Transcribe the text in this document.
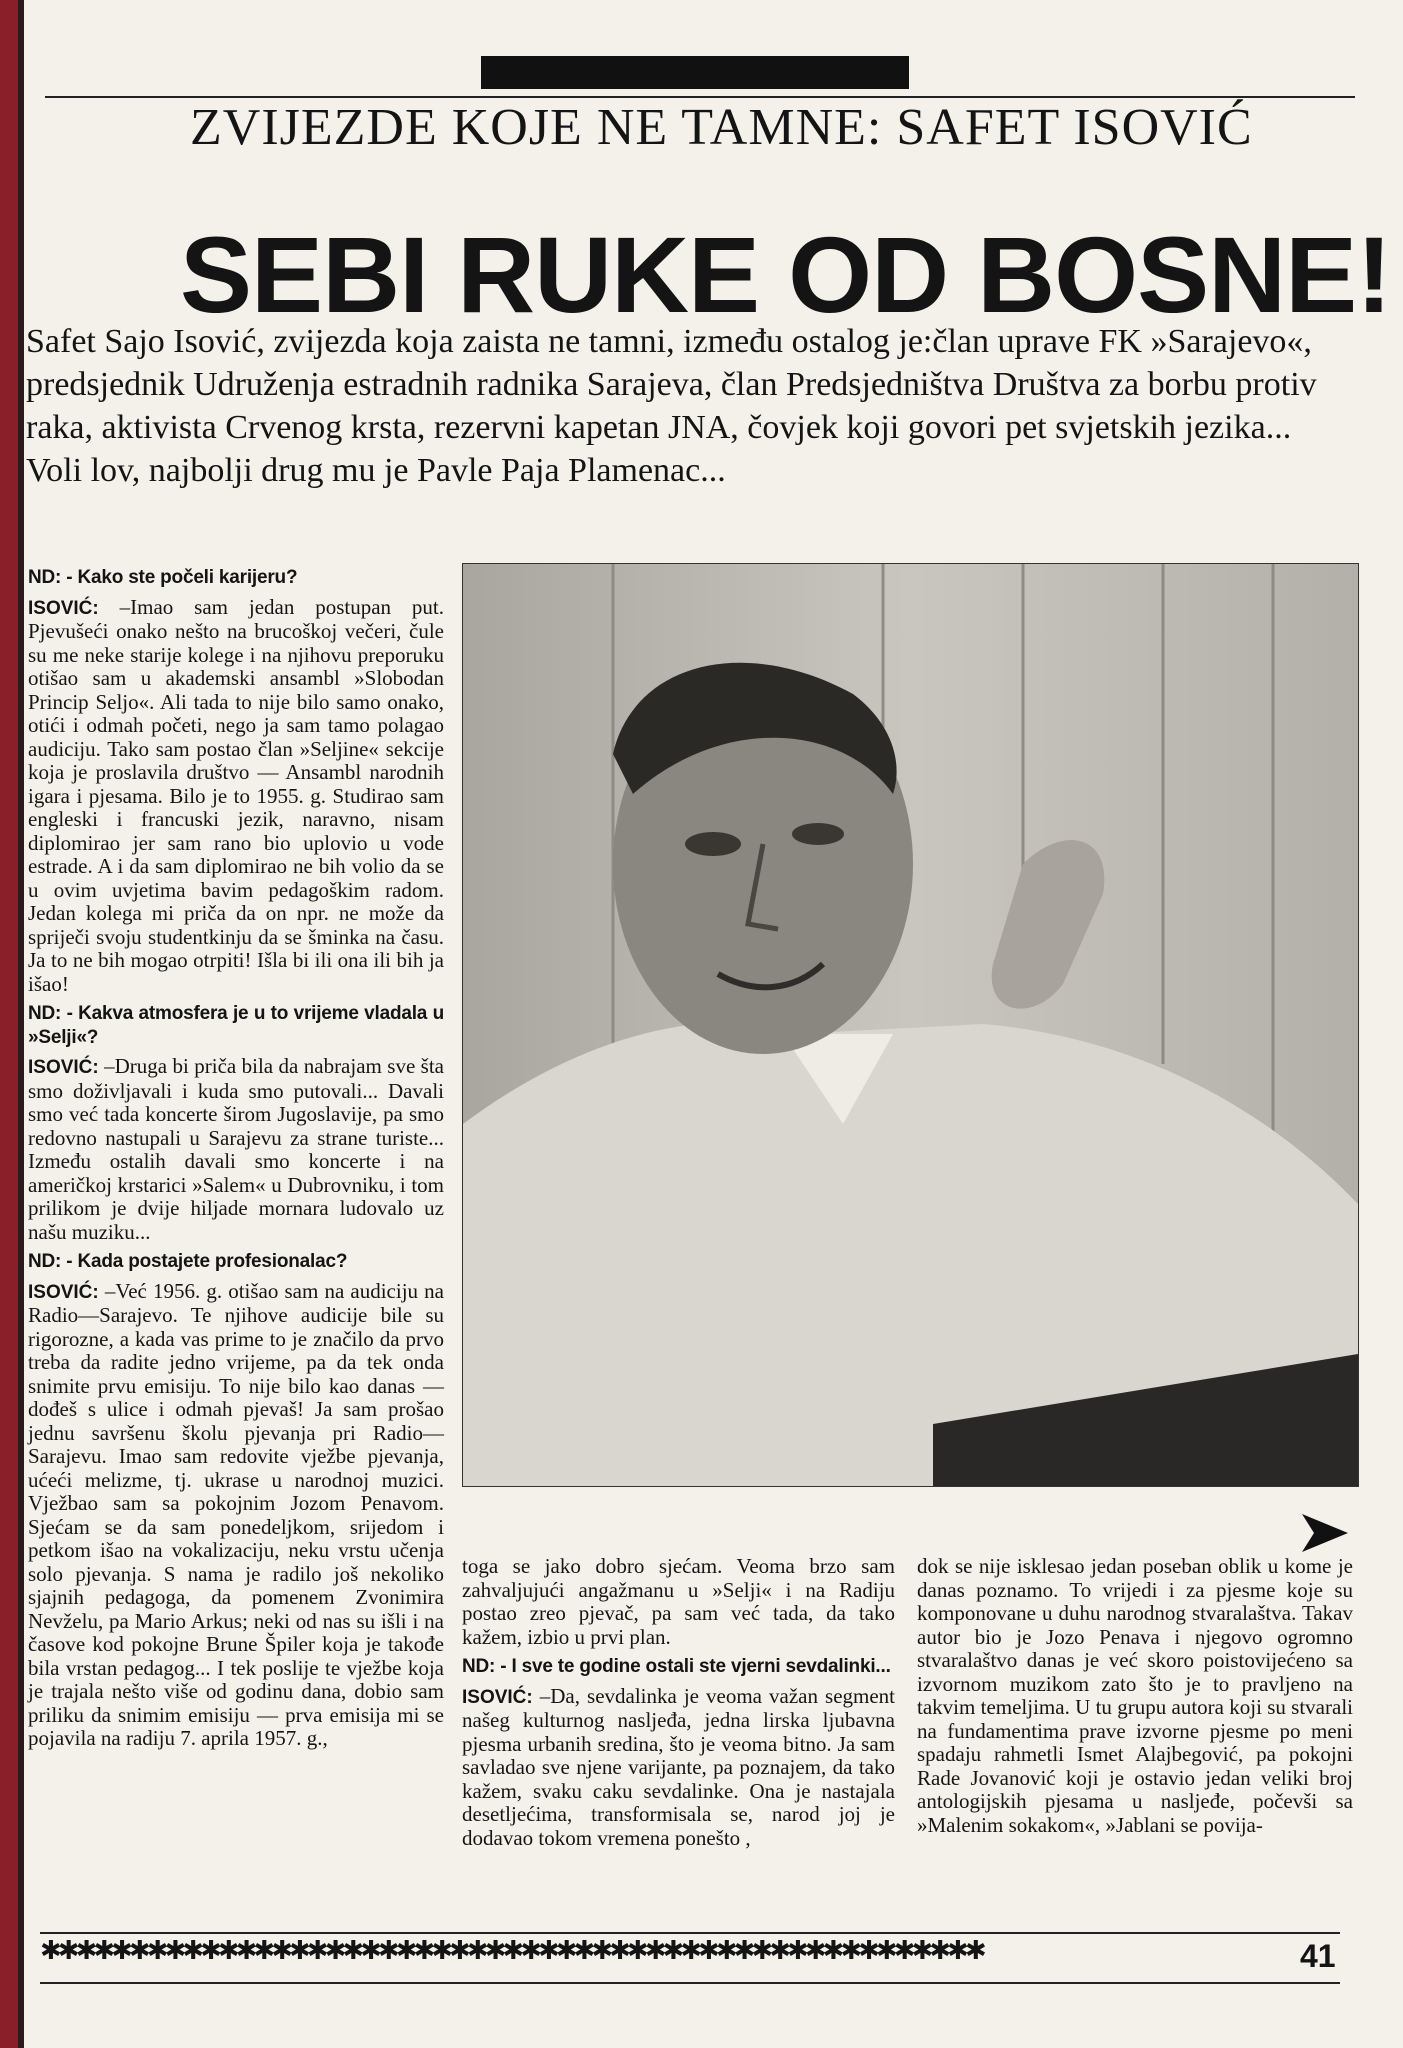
ZVIJEZDE KOJE NE TAMNE: SAFET ISOVIĆ
SEBI RUKE OD BOSNE!

Safet Sajo Isović, zvijezda koja zaista ne tamni, između ostalog je:član uprave FK »Sarajevo«, predsjednik Udruženja estradnih radnika Sarajeva, član Predsjedništva Društva za borbu protiv raka, aktivista Crvenog krsta, rezervni kapetan JNA, čovjek koji govori pet svjetskih jezika...

Voli lov, najbolji drug mu je Pavle Paja Plamenac...

ND: - Kako ste počeli karijeru?

ISOVIĆ: –Imao sam jedan postupan put. Pjevušeći onako nešto na brucoškoj večeri, čule su me neke starije kolege i na njihovu preporuku otišao sam u akademski ansambl »Slobodan Princip Seljo«. Ali tada to nije bilo samo onako, otići i odmah početi, nego ja sam tamo polagao audiciju. Tako sam postao član »Seljine« sekcije koja je proslavila društvo — Ansambl narodnih igara i pjesama. Bilo je to 1955. g. Studirao sam engleski i francuski jezik, naravno, nisam diplomirao jer sam rano bio uplovio u vode estrade. A i da sam diplomirao ne bih volio da se u ovim uvjetima bavim pedagoškim radom. Jedan kolega mi priča da on npr. ne može da spriječi svoju studentkinju da se šminka na času. Ja to ne bih mogao otrpiti! Išla bi ili ona ili bih ja išao!

ND: - Kakva atmosfera je u to vrijeme vladala u »Selji«?

ISOVIĆ: –Druga bi priča bila da nabrajam sve šta smo doživljavali i kuda smo putovali... Davali smo već tada koncerte širom Jugoslavije, pa smo redovno nastupali u Sarajevu za strane turiste... Između ostalih davali smo koncerte i na američkoj krstarici »Salem« u Dubrovniku, i tom prilikom je dvije hiljade mornara ludovalo uz našu muziku...

ND: - Kada postajete profesionalac?

ISOVIĆ: –Već 1956. g. otišao sam na audiciju na Radio—Sarajevo. Te njihove audicije bile su rigorozne, a kada vas prime to je značilo da prvo treba da radite jedno vrijeme, pa da tek onda snimite prvu emisiju. To nije bilo kao danas — dođeš s ulice i odmah pjevaš! Ja sam prošao jednu savršenu školu pjevanja pri Radio—Sarajevu. Imao sam redovite vježbe pjevanja, ućeći melizme, tj. ukrase u narodnoj muzici. Vježbao sam sa pokojnim Jozom Penavom. Sjećam se da sam ponedeljkom, srijedom i petkom išao na vokalizaciju, neku vrstu učenja solo pjevanja. S nama je radilo još nekoliko sjajnih pedagoga, da pomenem Zvonimira Nevželu, pa Mario Arkus; neki od nas su išli i na časove kod pokojne Brune Špiler koja je takođe bila vrstan pedagog... I tek poslije te vježbe koja je trajala nešto više od godinu dana, dobio sam priliku da snimim emisiju — prva emisija mi se pojavila na radiju 7. aprila 1957. g.,

toga se jako dobro sjećam. Veoma brzo sam zahvaljujući angažmanu u »Selji« i na Radiju postao zreo pjevač, pa sam već tada, da tako kažem, izbio u prvi plan.

ND: - I sve te godine ostali ste vjerni sevdalinki...

ISOVIĆ: –Da, sevdalinka je veoma važan segment našeg kulturnog nasljeđa, jedna lirska ljubavna pjesma urbanih sredina, što je veoma bitno. Ja sam savladao sve njene varijante, pa poznajem, da tako kažem, svaku caku sevdalinke. Ona je nastajala desetljećima, transformisala se, narod joj je dodavao tokom vremena ponešto ,

dok se nije isklesao jedan poseban oblik u kome je danas poznamo. To vrijedi i za pjesme koje su komponovane u duhu narodnog stvaralaštva. Takav autor bio je Jozo Penava i njegovo ogromno stvaralaštvo danas je već skoro poistovijećeno sa izvornom muzikom zato što je to pravljeno na takvim temeljima. U tu grupu autora koji su stvarali na fundamentima prave izvorne pjesme po meni spadaju rahmetli Ismet Alajbegović, pa pokojni Rade Jovanović koji je ostavio jedan veliki broj antologijskih pjesama u nasljeđe, počevši sa »Malenim sokakom«, »Jablani se povija-

✱✱✱✱✱✱✱✱✱✱✱✱✱✱✱✱✱✱✱✱✱✱✱✱✱✱✱✱✱✱✱✱✱✱✱✱✱✱✱✱✱✱✱✱✱✱✱✱✱✱✱✱✱	41
